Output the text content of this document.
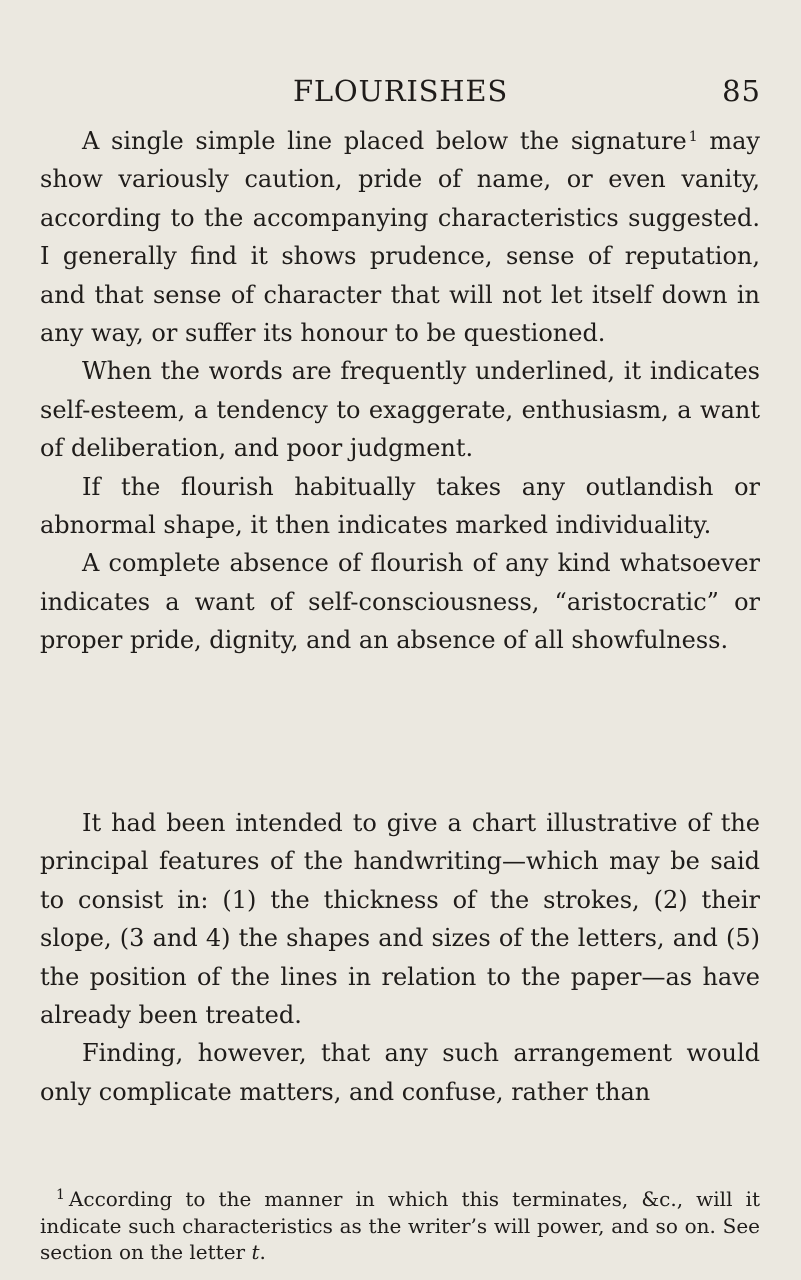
FLOURISHES	85

A single simple line placed below the signature $^1$ may show variously caution, pride of name, or even vanity, according to the accompanying characteristics suggested. I generally find it shows prudence, sense of reputation, and that sense of character that will not let itself down in any way, or suffer its honour to be questioned.

When the words are frequently underlined, it indicates self-esteem, a tendency to exaggerate, enthusiasm, a want of deliberation, and poor judgment.

If the flourish habitually takes any outlandish or abnormal shape, it then indicates marked individuality.

A complete absence of flourish of any kind whatsoever indicates a want of self-consciousness, “aristocratic” or proper pride, dignity, and an absence of all showfulness.

It had been intended to give a chart illustrative of the principal features of the handwriting—which may be said to consist in: (1) the thickness of the strokes, (2) their slope, (3 and 4) the shapes and sizes of the letters, and (5) the position of the lines in relation to the paper—as have already been treated.

Finding, however, that any such arrangement would only complicate matters, and confuse, rather than

$^1$ According to the manner in which this terminates, &c., will it indicate such characteristics as the writer’s will power, and so on. See section on the letter t.
